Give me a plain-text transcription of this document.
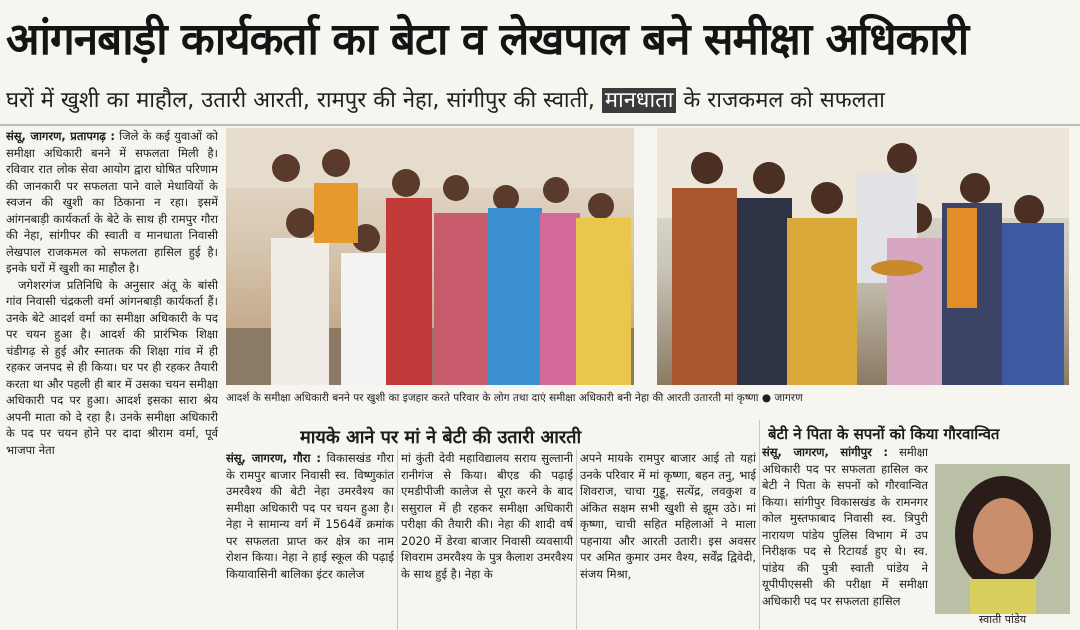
आंगनबाड़ी कार्यकर्ता का बेटा व लेखपाल बने समीक्षा अधिकारी
घरों में खुशी का माहौल, उतारी आरती, रामपुर की नेहा, सांगीपुर की स्वाती, मानधाता के राजकमल को सफलता

संसू, जागरण, प्रतापगढ़ : जिले के कई युवाओं को समीक्षा अधिकारी बनने में सफलता मिली है। रविवार रात लोक सेवा आयोग द्वारा घोषित परिणाम की जानकारी पर सफलता पाने वाले मेधावियों के स्वजन की खुशी का ठिकाना न रहा। इसमें आंगनबाड़ी कार्यकर्ता के बेटे के साथ ही रामपुर गौरा की नेहा, सांगीपर की स्वाती व मानधाता निवासी लेखपाल राजकमल को सफलता हासिल हुई है। इनके घरों में खुशी का माहौल है।

जगेशरगंज प्रतिनिधि के अनुसार अंतू के बांसी गांव निवासी चंद्रकली वर्मा आंगनबाड़ी कार्यकर्ता हैं। उनके बेटे आदर्श वर्मा का समीक्षा अधिकारी के पद पर चयन हुआ है। आदर्श की प्रारंभिक शिक्षा चंडीगढ़ से हुई और स्नातक की शिक्षा गांव में ही रहकर जनपद से ही किया। घर पर ही रहकर तैयारी करता था और पहली ही बार में उसका चयन समीक्षा अधिकारी पद पर हुआ। आदर्श इसका सारा श्रेय अपनी माता को दे रहा है। उनके समीक्षा अधिकारी के पद पर चयन होने पर दादा श्रीराम वर्मा, पूर्व भाजपा नेता

आदर्श के समीक्षा अधिकारी बनने पर खुशी का इजहार करते परिवार के लोग तथा दाएं समीक्षा अधिकारी बनी नेहा की आरती उतारती मां कृष्णा ● जागरण
मायके आने पर मां ने बेटी की उतारी आरती
संसू, जागरण, गौरा : विकासखंड गौरा के रामपुर बाजार निवासी स्व. विष्णुकांत उमरवैश्य की बेटी नेहा उमरवैश्य का समीक्षा अधिकारी पद पर चयन हुआ है। नेहा ने सामान्य वर्ग में 1564वें क्रमांक पर सफलता प्राप्त कर क्षेत्र का नाम रोशन किया। नेहा ने हाई स्कूल की पढ़ाई कियावासिनी बालिका इंटर कालेज
मां कुंती देवी महाविद्यालय सराय सुल्तानी रानीगंज से किया। बीएड की पढ़ाई एमडीपीजी कालेज से पूरा करने के बाद ससुराल में ही रहकर समीक्षा अधिकारी परीक्षा की तैयारी की। नेहा की शादी वर्ष 2020 में डेरवा बाजार निवासी व्यवसायी शिवराम उमरवैश्य के पुत्र कैलाश उमरवैश्य के साथ हुई है। नेहा के
अपने मायके रामपुर बाजार आई तो यहां उनके परिवार में मां कृष्णा, बहन तनु, भाई शिवराज, चाचा गुड्डू, सत्येंद्र, लवकुश व अंकित सक्षम सभी खुशी से झूम उठे। मां कृष्णा, चाची सहित महिलाओं ने माला पहनाया और आरती उतारी। इस अवसर पर अमित कुमार उमर वैश्य, सर्वेंद्र द्विवेदी, संजय मिश्रा,
बेटी ने पिता के सपनों को किया गौरवान्वित
संसू, जागरण, सांगीपुर : समीक्षा अधिकारी पद पर सफलता हासिल कर बेटी ने पिता के सपनों को गौरवान्वित किया। सांगीपुर विकासखंड के रामनगर कोल मुस्तफाबाद निवासी स्व. त्रिपुरी नारायण पांडेय पुलिस विभाग में उप निरीक्षक पद से रिटायर्ड हुए थे। स्व. पांडेय की पुत्री स्वाती पांडेय ने यूपीपीएससी की परीक्षा में समीक्षा अधिकारी पद पर सफलता हासिल
स्वाती पांडेय
